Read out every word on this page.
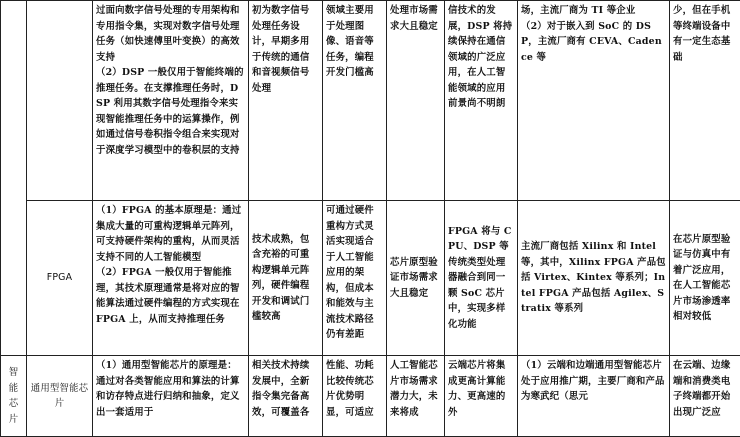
		过面向数字信号处理的专用架构和专用指令集，实现对数字信号处理任务（如快速傅里叶变换）的高效支持
（2）DSP 一般仅用于智能终端的推理任务。在支撑推理任务时，DSP 利用其数字信号处理指令来实现智能推理任务中的运算操作，例如通过信号卷积指令组合来实现对于深度学习模型中的卷积层的支持	初为数字信号处理任务设计，早期多用于传统的通信和音视频信号处理	领域主要用于处理图像、语音等任务，编程开发门槛高	处理市场需求大且稳定	信技术的发展，DSP 将持续保持在通信领域的广泛应用，在人工智能领域的应用前景尚不明朗	场，主流厂商为 TI 等企业
（2）对于嵌入到 SoC 的 DSP，主流厂商有 CEVA、Cadence 等	少，但在手机等终端设备中有一定生态基础

	FPGA	（1）FPGA 的基本原理是：通过集成大量的可重构逻辑单元阵列，可支持硬件架构的重构，从而灵活支持不同的人工智能模型
（2）FPGA 一般仅用于智能推理，其技术原理通常是将对应的智能算法通过硬件编程的方式实现在 FPGA 上，从而支持推理任务	技术成熟，包含充裕的可重构逻辑单元阵列，硬件编程开发和调试门槛较高	可通过硬件重构方式灵活实现适合于人工智能应用的架构，但成本和能效与主流技术路径仍有差距	芯片原型验证市场需求大且稳定	FPGA 将与 CPU、DSP 等传统类型处理器融合到同一颗 SoC 芯片中，实现多样化功能	主流厂商包括 Xilinx 和 Intel 等，其中，Xilinx FPGA 产品包括 Virtex、Kintex 等系列；Intel FPGA 产品包括 Agilex、Stratix 等系列	在芯片原型验证与仿真中有着广泛应用，在人工智能芯片市场渗透率相对较低

智能芯片	通用型智能芯片	（1）通用型智能芯片的原理是：通过对各类智能应用和算法的计算和访存特点进行归纳和抽象，定义出一套适用于	相关技术持续发展中，全新指令集完备高效，可覆盖各	性能、功耗比较传统芯片优势明显，可适应	人工智能芯片市场需求潜力大，未来将成	云端芯片将集成更高计算能力、更高速的外	（1）云端和边端通用型智能芯片处于应用推广期，主要厂商和产品为寒武纪（思元	在云端、边缘端和消费类电子终端都开始出现广泛应
